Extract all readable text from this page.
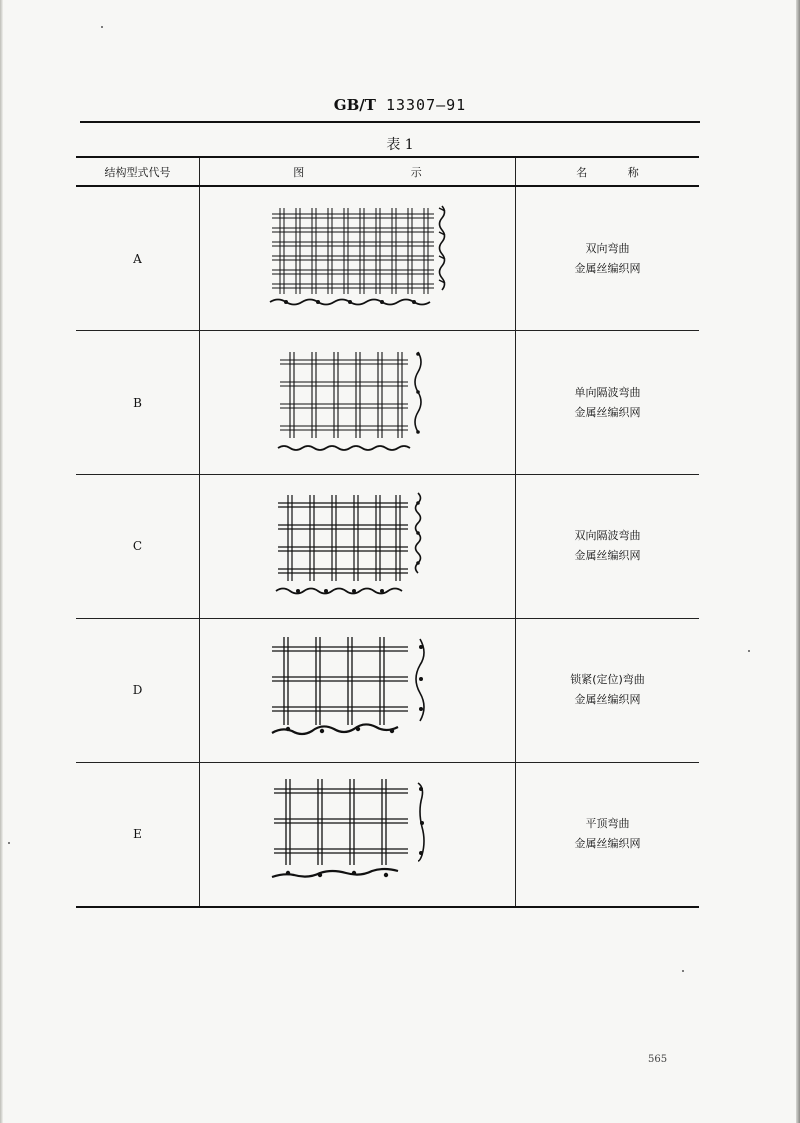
GB/T 13307—91
表 1
结构型式代号	图 示	名 称

A		双向弯曲
金属丝编织网

B		单向隔波弯曲
金属丝编织网

C		双向隔波弯曲
金属丝编织网

D		锁紧(定位)弯曲
金属丝编织网

E		平顶弯曲
金属丝编织网
565
